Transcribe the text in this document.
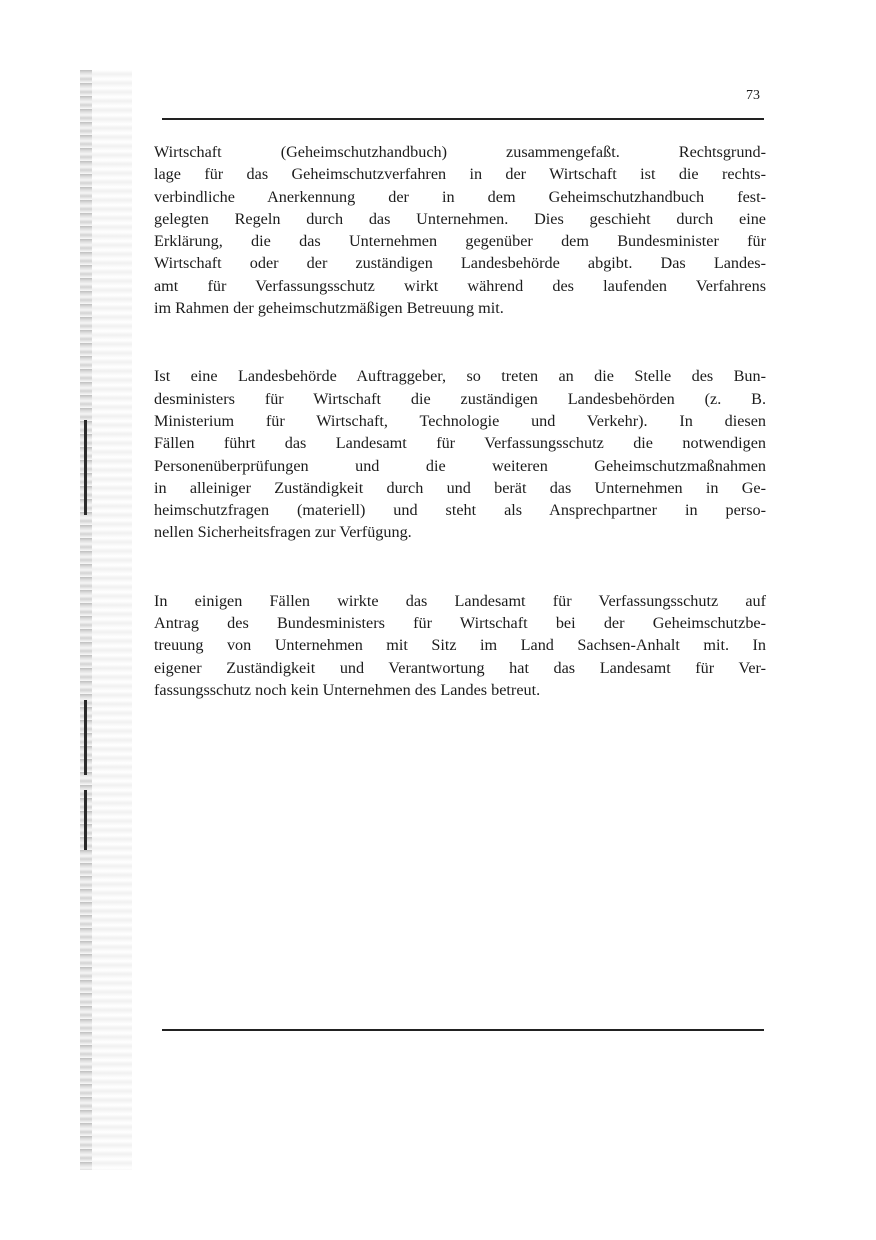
73
Wirtschaft (Geheimschutzhandbuch) zusammengefaßt. Rechtsgrund-
lage für das Geheimschutzverfahren in der Wirtschaft ist die rechts-
verbindliche Anerkennung der in dem Geheimschutzhandbuch fest-
gelegten Regeln durch das Unternehmen. Dies geschieht durch eine
Erklärung, die das Unternehmen gegenüber dem Bundesminister für
Wirtschaft oder der zuständigen Landesbehörde abgibt. Das Landes-
amt für Verfassungsschutz wirkt während des laufenden Verfahrens
im Rahmen der geheimschutzmäßigen Betreuung mit.
Ist eine Landesbehörde Auftraggeber, so treten an die Stelle des Bun-
desministers für Wirtschaft die zuständigen Landesbehörden (z. B.
Ministerium für Wirtschaft, Technologie und Verkehr). In diesen
Fällen führt das Landesamt für Verfassungsschutz die notwendigen
Personenüberprüfungen und die weiteren Geheimschutzmaßnahmen
in alleiniger Zuständigkeit durch und berät das Unternehmen in Ge-
heimschutzfragen (materiell) und steht als Ansprechpartner in perso-
nellen Sicherheitsfragen zur Verfügung.
In einigen Fällen wirkte das Landesamt für Verfassungsschutz auf
Antrag des Bundesministers für Wirtschaft bei der Geheimschutzbe-
treuung von Unternehmen mit Sitz im Land Sachsen-Anhalt mit. In
eigener Zuständigkeit und Verantwortung hat das Landesamt für Ver-
fassungsschutz noch kein Unternehmen des Landes betreut.
